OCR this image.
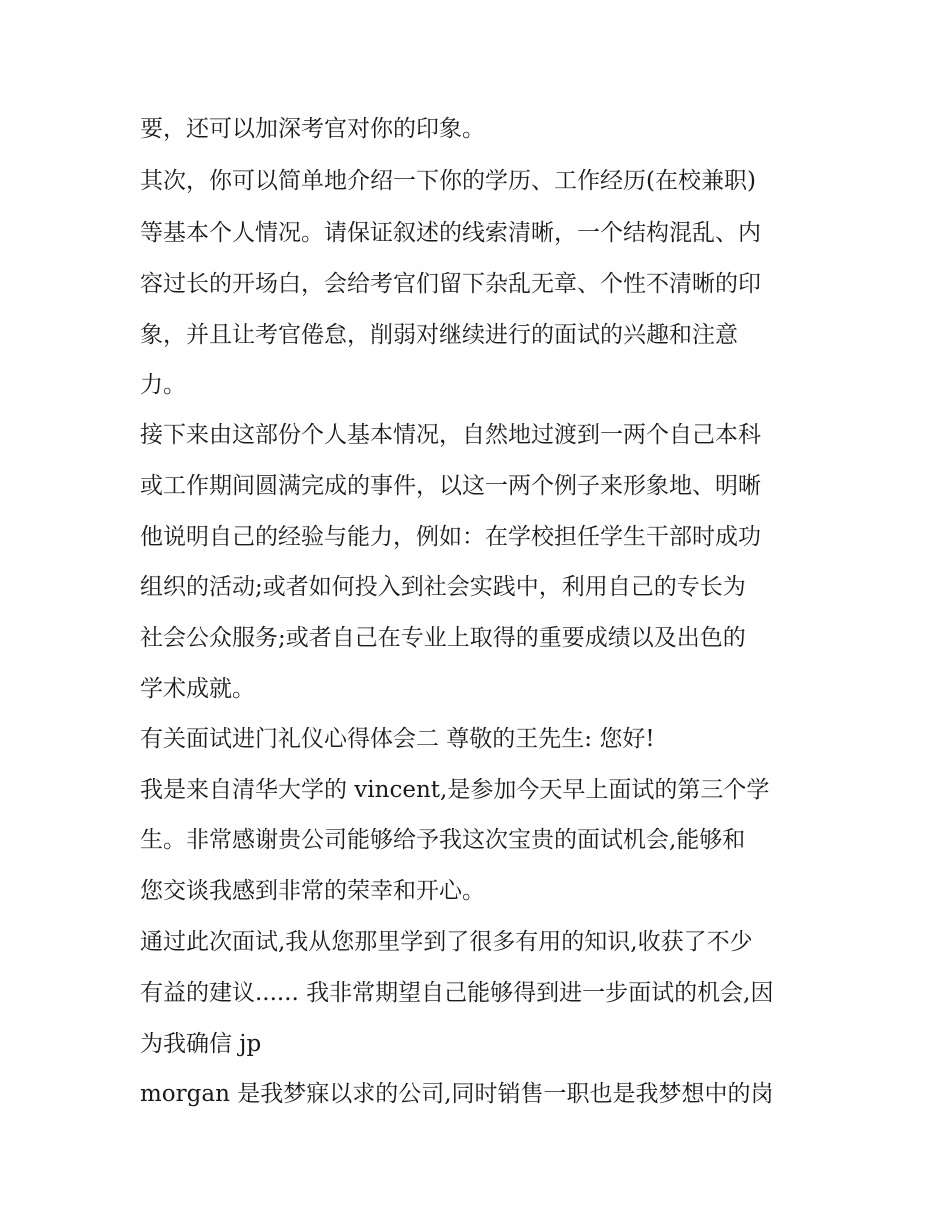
要，还可以加深考官对你的印象。

其次，你可以简单地介绍一下你的学历、工作经历(在校兼职)

等基本个人情况。请保证叙述的线索清晰，一个结构混乱、内

容过长的开场白，会给考官们留下杂乱无章、个性不清晰的印

象，并且让考官倦怠，削弱对继续进行的面试的兴趣和注意

力。

接下来由这部份个人基本情况，自然地过渡到一两个自己本科

或工作期间圆满完成的事件，以这一两个例子来形象地、明晰

他说明自己的经验与能力，例如：在学校担任学生干部时成功

组织的活动;或者如何投入到社会实践中，利用自己的专长为

社会公众服务;或者自己在专业上取得的重要成绩以及出色的

学术成就。

有关面试进门礼仪心得体会二 尊敬的王先生: 您好!

我是来自清华大学的 vincent,是参加今天早上面试的第三个学

生。非常感谢贵公司能够给予我这次宝贵的面试机会,能够和

您交谈我感到非常的荣幸和开心。

通过此次面试,我从您那里学到了很多有用的知识,收获了不少

有益的建议...... 我非常期望自己能够得到进一步面试的机会,因

为我确信 jp

morgan 是我梦寐以求的公司,同时销售一职也是我梦想中的岗
